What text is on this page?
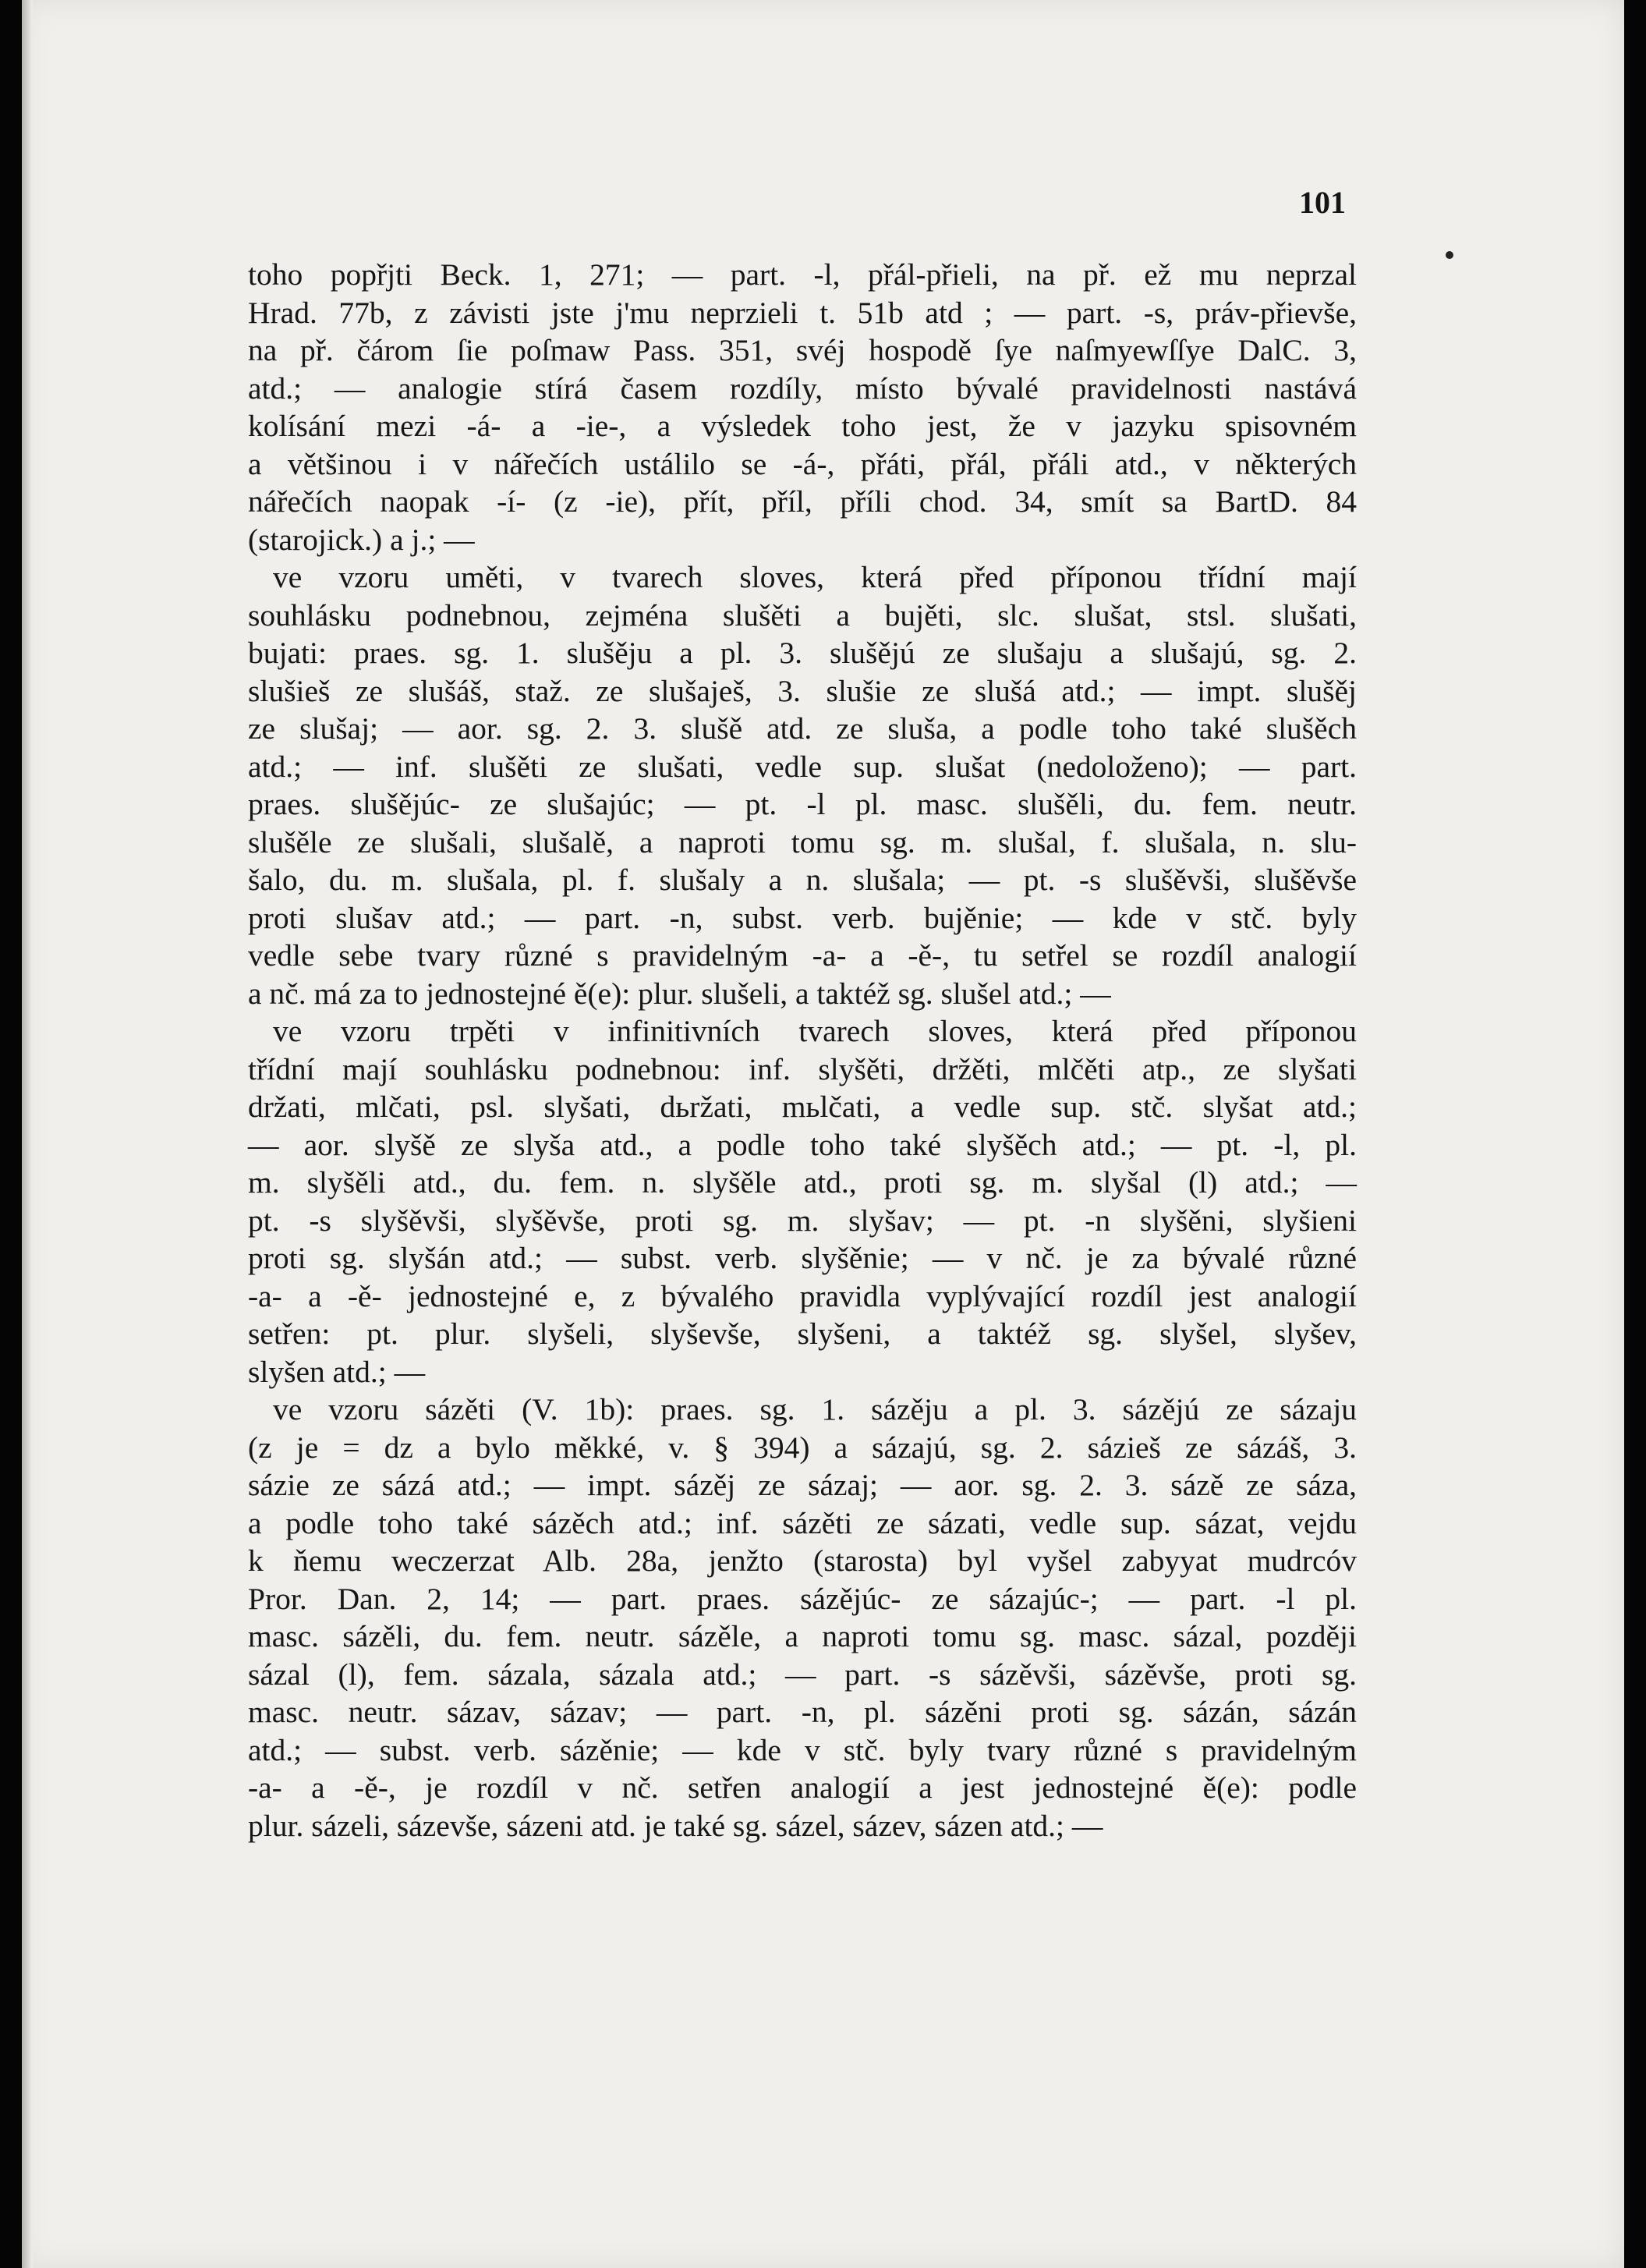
101
toho popřjti Beck. 1, 271; — part. -l, přál-přieli, na př. ež mu neprzal
Hrad. 77b, z závisti jste j'mu neprzieli t. 51b atd ; — part. -s, práv-přievše,
na př. čárom ſie poſmaw Pass. 351, svéj hospodě ſye naſmyewſſye DalC. 3,
atd.; — analogie stírá časem rozdíly, místo bývalé pravidelnosti nastává
kolísání mezi -á- a -ie-, a výsledek toho jest, že v jazyku spisovném
a většinou i v nářečích ustálilo se -á-, přáti, přál, přáli atd., v některých
nářečích naopak -í- (z -ie), přít, příl, příli chod. 34, smít sa BartD. 84
(starojick.) a j.; —
ve vzoru uměti, v tvarech sloves, která před příponou třídní mají
souhlásku podnebnou, zejména slušěti a bujěti, slc. slušat, stsl. slušati,
bujati: praes. sg. 1. slušěju a pl. 3. slušějú ze slušaju a slušajú, sg. 2.
slušieš ze slušáš, staž. ze slušaješ, 3. slušie ze slušá atd.; — impt. slušěj
ze slušaj; — aor. sg. 2. 3. slušě atd. ze sluša, a podle toho také slušěch
atd.; — inf. slušěti ze slušati, vedle sup. slušat (nedoloženo); — part.
praes. slušějúc- ze slušajúc; — pt. -l pl. masc. slušěli, du. fem. neutr.
slušěle ze slušali, slušalě, a naproti tomu sg. m. slušal, f. slušala, n. slu-
šalo, du. m. slušala, pl. f. slušaly a n. slušala; — pt. -s slušěvši, slušěvše
proti slušav atd.; — part. -n, subst. verb. bujěnie; — kde v stč. byly
vedle sebe tvary různé s pravidelným -a- a -ě-, tu setřel se rozdíl analogií
a nč. má za to jednostejné ě(e): plur. slušeli, a taktéž sg. slušel atd.; —
ve vzoru trpěti v infinitivních tvarech sloves, která před příponou
třídní mají souhlásku podnebnou: inf. slyšěti, držěti, mlčěti atp., ze slyšati
držati, mlčati, psl. slyšati, dьržati, mьlčati, a vedle sup. stč. slyšat atd.;
— aor. slyšě ze slyša atd., a podle toho také slyšěch atd.; — pt. -l, pl.
m. slyšěli atd., du. fem. n. slyšěle atd., proti sg. m. slyšal (l) atd.; —
pt. -s slyšěvši, slyšěvše, proti sg. m. slyšav; — pt. -n slyšěni, slyšieni
proti sg. slyšán atd.; — subst. verb. slyšěnie; — v nč. je za bývalé různé
-a- a -ě- jednostejné e, z bývalého pravidla vyplývající rozdíl jest analogií
setřen: pt. plur. slyšeli, slyševše, slyšeni, a taktéž sg. slyšel, slyšev,
slyšen atd.; —
ve vzoru sázěti (V. 1b): praes. sg. 1. sázěju a pl. 3. sázějú ze sázaju
(z je = dz a bylo měkké, v. § 394) a sázajú, sg. 2. sázieš ze sázáš, 3.
sázie ze sázá atd.; — impt. sázěj ze sázaj; — aor. sg. 2. 3. sázě ze sáza,
a podle toho také sázěch atd.; inf. sázěti ze sázati, vedle sup. sázat, vejdu
k ňemu weczerzat Alb. 28a, jenžto (starosta) byl vyšel zabyyat mudrcóv
Pror. Dan. 2, 14; — part. praes. sázějúc- ze sázajúc-; — part. -l pl.
masc. sázěli, du. fem. neutr. sázěle, a naproti tomu sg. masc. sázal, později
sázal (l), fem. sázala, sázala atd.; — part. -s sázěvši, sázěvše, proti sg.
masc. neutr. sázav, sázav; — part. -n, pl. sázěni proti sg. sázán, sázán
atd.; — subst. verb. sázěnie; — kde v stč. byly tvary různé s pravidelným
-a- a -ě-, je rozdíl v nč. setřen analogií a jest jednostejné ě(e): podle
plur. sázeli, sázevše, sázeni atd. je také sg. sázel, sázev, sázen atd.; —
